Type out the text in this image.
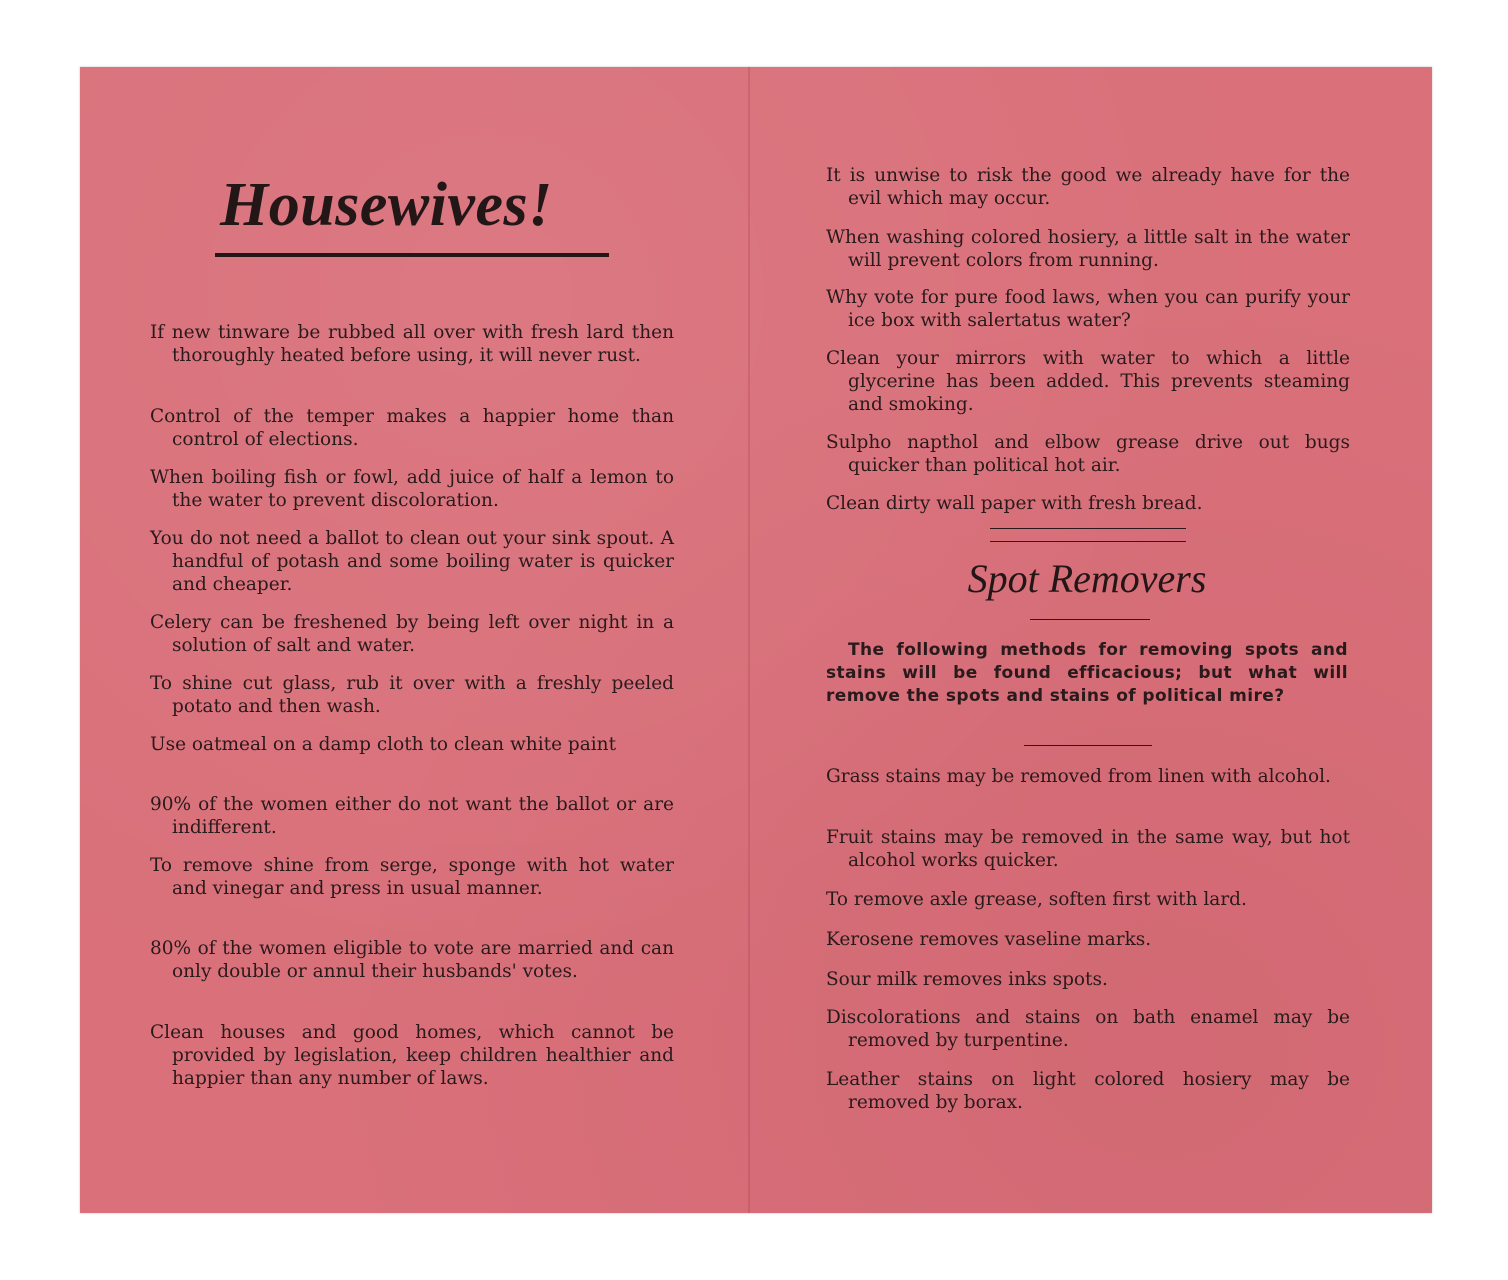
Housewives!
If new tinware be rubbed all over with fresh lard then thoroughly heated before using, it will never rust.
Control of the temper makes a happier home than control of elections.
When boiling fish or fowl, add juice of half a lemon to the water to prevent discoloration.
You do not need a ballot to clean out your sink spout. A handful of potash and some boiling water is quicker and cheaper.
Celery can be freshened by being left over night in a solution of salt and water.
To shine cut glass, rub it over with a freshly peeled potato and then wash.
Use oatmeal on a damp cloth to clean white paint
90% of the women either do not want the ballot or are indifferent.
To remove shine from serge, sponge with hot water and vinegar and press in usual manner.
80% of the women eligible to vote are married and can only double or annul their husbands' votes.
Clean houses and good homes, which cannot be provided by legislation, keep children healthier and happier than any number of laws.
It is unwise to risk the good we already have for the evil which may occur.
When washing colored hosiery, a little salt in the water will prevent colors from running.
Why vote for pure food laws, when you can purify your ice box with salertatus water?
Clean your mirrors with water to which a little glycerine has been added. This prevents steaming and smoking.
Sulpho napthol and elbow grease drive out bugs quicker than political hot air.
Clean dirty wall paper with fresh bread.
Grass stains may be removed from linen with alcohol.
Fruit stains may be removed in the same way, but hot alcohol works quicker.
To remove axle grease, soften first with lard.
Kerosene removes vaseline marks.
Sour milk removes inks spots.
Discolorations and stains on bath enamel may be removed by turpentine.
Leather stains on light colored hosiery may be removed by borax.
Spot Removers
The following methods for removing spots and stains will be found efficacious; but what will remove the spots and stains of political mire?
